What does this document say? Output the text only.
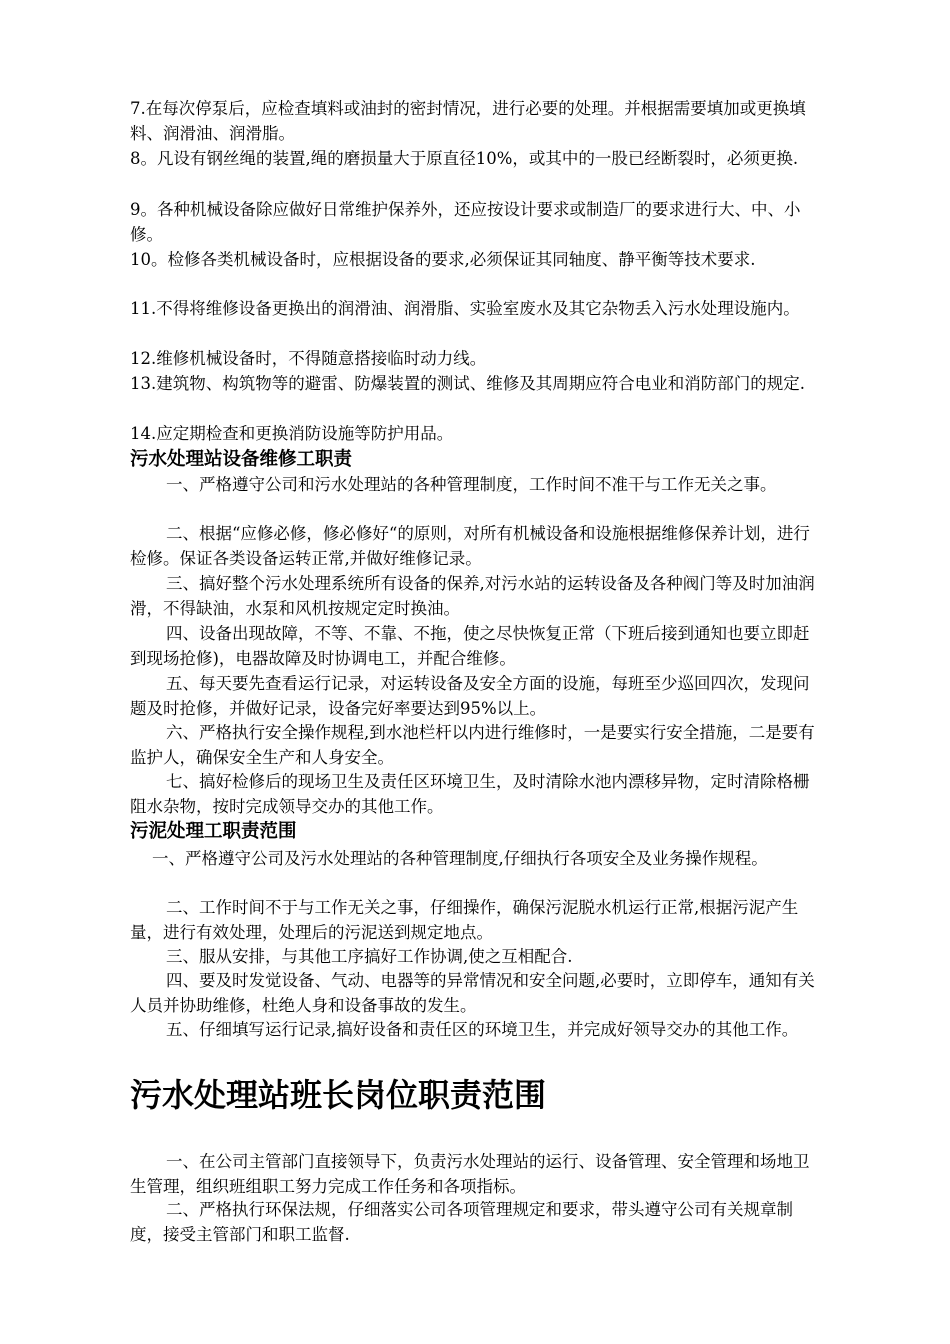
7.在每次停泵后，应检查填料或油封的密封情况，进行必要的处理。并根据需要填加或更换填料、润滑油、润滑脂。
8。凡设有钢丝绳的装置,绳的磨损量大于原直径10%，或其中的一股已经断裂时，必须更换.
9。各种机械设备除应做好日常维护保养外，还应按设计要求或制造厂的要求进行大、中、小修。
10。检修各类机械设备时，应根据设备的要求,必须保证其同轴度、静平衡等技术要求.
11.不得将维修设备更换出的润滑油、润滑脂、实验室废水及其它杂物丢入污水处理设施内。
12.维修机械设备时，不得随意搭接临时动力线。
13.建筑物、构筑物等的避雷、防爆装置的测试、维修及其周期应符合电业和消防部门的规定.
14.应定期检查和更换消防设施等防护用品。
污水处理站设备维修工职责
一、严格遵守公司和污水处理站的各种管理制度，工作时间不准干与工作无关之事。
二、根据“应修必修，修必修好“的原则，对所有机械设备和设施根据维修保养计划，进行检修。保证各类设备运转正常,并做好维修记录。
三、搞好整个污水处理系统所有设备的保养,对污水站的运转设备及各种阀门等及时加油润滑，不得缺油，水泵和风机按规定定时换油。
四、设备出现故障，不等、不靠、不拖，使之尽快恢复正常（下班后接到通知也要立即赶到现场抢修)，电器故障及时协调电工，并配合维修。
五、每天要先查看运行记录，对运转设备及安全方面的设施，每班至少巡回四次，发现问题及时抢修，并做好记录，设备完好率要达到95%以上。
六、严格执行安全操作规程,到水池栏杆以内进行维修时，一是要实行安全措施，二是要有监护人，确保安全生产和人身安全。
七、搞好检修后的现场卫生及责任区环境卫生，及时清除水池内漂移异物，定时清除格栅阻水杂物，按时完成领导交办的其他工作。
污泥处理工职责范围
一、严格遵守公司及污水处理站的各种管理制度,仔细执行各项安全及业务操作规程。
二、工作时间不于与工作无关之事，仔细操作，确保污泥脱水机运行正常,根据污泥产生量，进行有效处理，处理后的污泥送到规定地点。
三、服从安排，与其他工序搞好工作协调,使之互相配合.
四、要及时发觉设备、气动、电器等的异常情况和安全问题,必要时，立即停车，通知有关人员并协助维修，杜绝人身和设备事故的发生。
五、仔细填写运行记录,搞好设备和责任区的环境卫生，并完成好领导交办的其他工作。
污水处理站班长岗位职责范围
一、在公司主管部门直接领导下，负责污水处理站的运行、设备管理、安全管理和场地卫生管理，组织班组职工努力完成工作任务和各项指标。
二、严格执行环保法规，仔细落实公司各项管理规定和要求，带头遵守公司有关规章制度，接受主管部门和职工监督.
